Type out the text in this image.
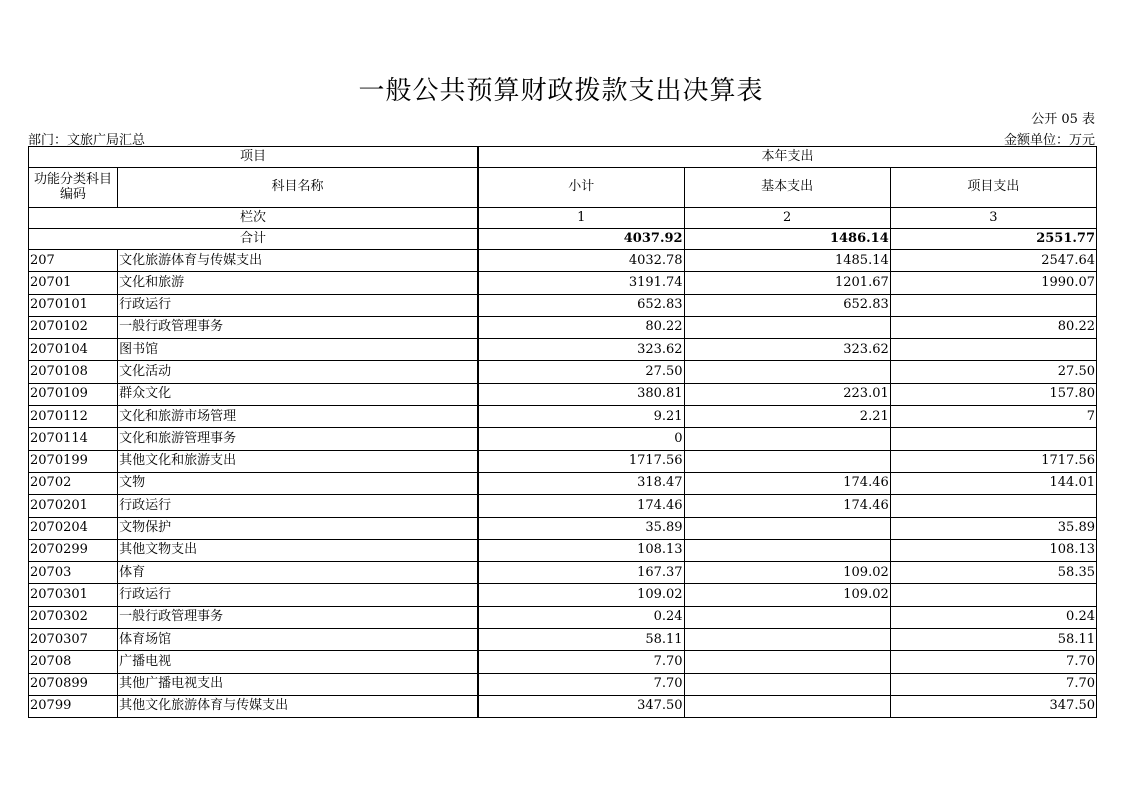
一般公共预算财政拨款支出决算表
公开 05 表
部门：文旅广局汇总	金额单位：万元
项目		本年支出		
功能分类科目编码	科目名称	小计	基本支出	项目支出
栏次		1	2	3
合计		4037.92	1486.14	2551.77
207	文化旅游体育与传媒支出	4032.78	1485.14	2547.64
20701	文化和旅游	3191.74	1201.67	1990.07
2070101	行政运行	652.83	652.83	
2070102	一般行政管理事务	80.22		80.22
2070104	图书馆	323.62	323.62	
2070108	文化活动	27.50		27.50
2070109	群众文化	380.81	223.01	157.80
2070112	文化和旅游市场管理	9.21	2.21	7
2070114	文化和旅游管理事务	0		
2070199	其他文化和旅游支出	1717.56		1717.56
20702	文物	318.47	174.46	144.01
2070201	行政运行	174.46	174.46	
2070204	文物保护	35.89		35.89
2070299	其他文物支出	108.13		108.13
20703	体育	167.37	109.02	58.35
2070301	行政运行	109.02	109.02	
2070302	一般行政管理事务	0.24		0.24
2070307	体育场馆	58.11		58.11
20708	广播电视	7.70		7.70
2070899	其他广播电视支出	7.70		7.70
20799	其他文化旅游体育与传媒支出	347.50		347.50
